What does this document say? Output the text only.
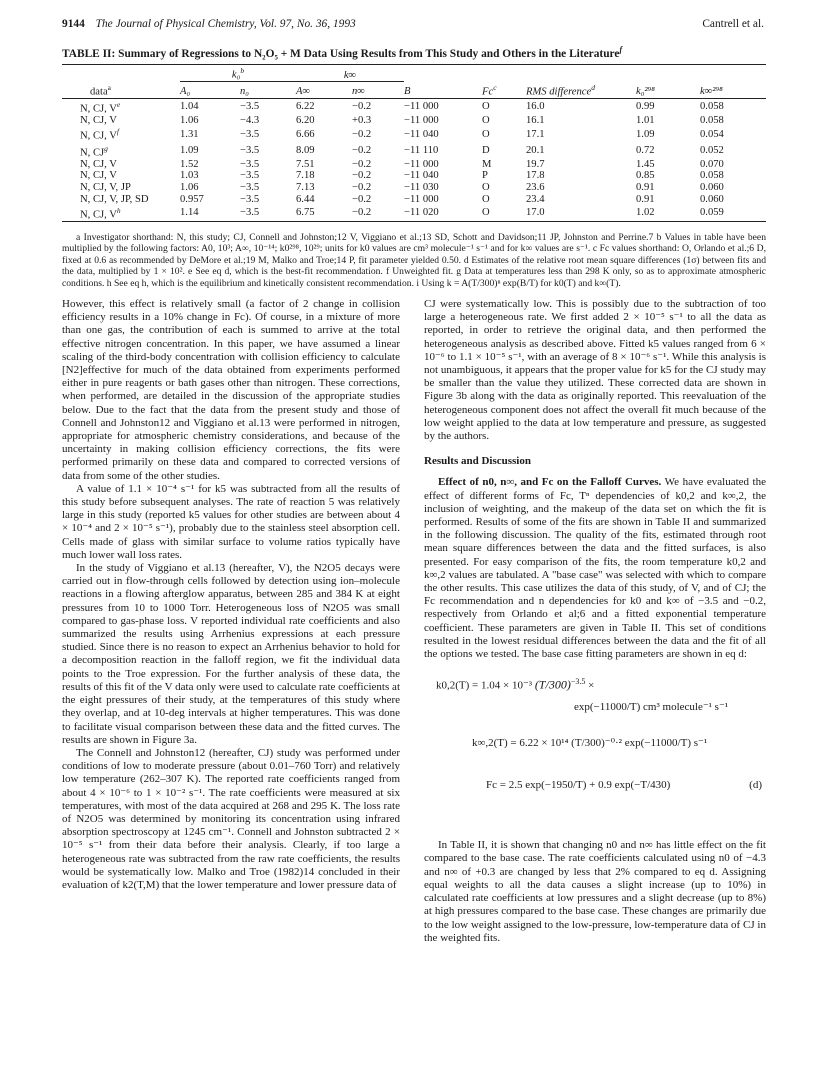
9144 The Journal of Physical Chemistry, Vol. 97, No. 36, 1993	Cantrell et al.
TABLE II: Summary of Regressions to N₂O₅ + M Data Using Results from This Study and Others in the Literature$^f$

	k₀$^b$		k∞						
data$^a$	A₀	n₀	A∞	n∞	B	Fc$^c$	RMS difference$^d$	k₀²⁹⁸	k∞²⁹⁸

N, CJ, Ve	1.04	−3.5	6.22	−0.2	−11 000	O	16.0	0.99	0.058
N, CJ, V	1.06	−4.3	6.20	+0.3	−11 000	O	16.1	1.01	0.058
N, CJ, $V^f$	1.31	−3.5	6.66	−0.2	−11 040	O	17.1	1.09	0.054
N, $CJ^g$	1.09	−3.5	8.09	−0.2	−11 110	D	20.1	0.72	0.052
N, CJ, V	1.52	−3.5	7.51	−0.2	−11 000	M	19.7	1.45	0.070
N, CJ, V	1.03	−3.5	7.18	−0.2	−11 040	P	17.8	0.85	0.058
N, CJ, V, JP	1.06	−3.5	7.13	−0.2	−11 030	O	23.6	0.91	0.060
N, CJ, V, JP, SD	0.957	−3.5	6.44	−0.2	−11 000	O	23.4	0.91	0.060
N, CJ, $V^h$	1.14	−3.5	6.75	−0.2	−11 020	O	17.0	1.02	0.059

a Investigator shorthand: N, this study; CJ, Connell and Johnston;12 V, Viggiano et al.;13 SD, Schott and Davidson;11 JP, Johnston and Perrine.7 b Values in table have been multiplied by the following factors: A0, 10³; A∞, 10⁻¹⁴; k0²⁹⁸, 10²⁹; units for k0 values are cm³ molecule⁻¹ s⁻¹ and for k∞ values are s⁻¹. c Fc values shorthand: O, Orlando et al.;6 D, fixed at 0.6 as recommended by DeMore et al.;19 M, Malko and Troe;14 P, fit parameter yielded 0.50. d Estimates of the relative root mean square differences (1σ) between fits and the data, multiplied by 1 × 10². e See eq d, which is the best-fit recommendation. f Unweighted fit. g Data at temperatures less than 298 K only, so as to approximate atmospheric conditions. h See eq h, which is the equilibrium and kinetically consistent recommendation. i Using k = A(T/300)ⁿ exp(B/T) for k0(T) and k∞(T).

However, this effect is relatively small (a factor of 2 change in collision efficiency results in a 10% change in Fc). Of course, in a mixture of more than one gas, the contribution of each is summed to arrive at the total effective nitrogen concentration. In this paper, we have assumed a linear scaling of the third-body concentration with collision efficiency to calculate [N2]effective for much of the data obtained from experiments performed either in pure reagents or bath gases other than nitrogen. These corrections, when performed, are detailed in the discussion of the appropriate studies below. Due to the fact that the data from the present study and those of Connell and Johnston12 and Viggiano et al.13 were performed in nitrogen, appropriate for atmospheric chemistry considerations, and because of the uncertainty in making collision efficiency corrections, the fits were performed primarily on these data and compared to corrected versions of data from some of the other studies.

A value of 1.1 × 10⁻⁴ s⁻¹ for k5 was subtracted from all the results of this study before subsequent analyses. The rate of reaction 5 was relatively large in this study (reported k5 values for other studies are between about 4 × 10⁻⁴ and 2 × 10⁻⁵ s⁻¹), probably due to the stainless steel absorption cell. Cells made of glass with similar surface to volume ratios typically have much lower wall loss rates.

In the study of Viggiano et al.13 (hereafter, V), the N2O5 decays were carried out in flow-through cells followed by detection using ion–molecule reactions in a flowing afterglow apparatus, between 285 and 384 K at eight pressures from 10 to 1000 Torr. Heterogeneous loss of N2O5 was small compared to gas-phase loss. V reported individual rate coefficients and also summarized the results using Arrhenius expressions at each pressure studied. Since there is no reason to expect an Arrhenius behavior to hold for a decomposition reaction in the falloff region, we fit the individual data points to the Troe expression. For the further analysis of these data, the results of this fit of the V data only were used to calculate rate coefficients at the eight pressures of their study, at the temperatures of this study where they overlap, and at 10-deg intervals at higher temperatures. This was done to facilitate visual comparison between these data and the fitted curves. The results are shown in Figure 3a.

The Connell and Johnston12 (hereafter, CJ) study was performed under conditions of low to moderate pressure (about 0.01–760 Torr) and relatively low temperature (262–307 K). The reported rate coefficients ranged from about 4 × 10⁻⁶ to 1 × 10⁻² s⁻¹. The rate coefficients were measured at six temperatures, with most of the data acquired at 268 and 295 K. The loss rate of N2O5 was determined by monitoring its concentration using infrared absorption spectroscopy at 1245 cm⁻¹. Connell and Johnston subtracted 2 × 10⁻⁵ s⁻¹ from their data before their analysis. Clearly, if too large a heterogeneous rate was subtracted from the raw rate coefficients, the results would be systematically low. Malko and Troe (1982)14 concluded in their evaluation of k2(T,M) that the lower temperature and lower pressure data of

CJ were systematically low. This is possibly due to the subtraction of too large a heterogeneous rate. We first added 2 × 10⁻⁵ s⁻¹ to all the data as reported, in order to retrieve the original data, and then performed the heterogeneous analysis as described above. Fitted k5 values ranged from 6 × 10⁻⁶ to 1.1 × 10⁻⁵ s⁻¹, with an average of 8 × 10⁻⁶ s⁻¹. While this analysis is not unambiguous, it appears that the proper value for k5 for the CJ study may be smaller than the value they utilized. These corrected data are shown in Figure 3b along with the data as originally reported. This reevaluation of the heterogeneous component does not affect the overall fit much because of the low weight applied to the data at low temperature and pressure, as suggested by the authors.

Results and Discussion

Effect of n0, n∞, and Fc on the Falloff Curves. We have evaluated the effect of different forms of Fc, Tⁿ dependencies of k0,2 and k∞,2, the inclusion of weighting, and the makeup of the data set on which the fit is performed. Results of some of the fits are shown in Table II and summarized in the following discussion. The quality of the fits, estimated through root mean square differences between the data and the fitted surfaces, is also presented. For easy comparison of the fits, the room temperature k0,2 and k∞,2 values are tabulated. A "base case" was selected with which to compare the other results. This case utilizes the data of this study, of V, and of CJ; the Fc recommendation and n dependencies for k0 and k∞ of −3.5 and −0.2, respectively from Orlando et al;6 and a fitted exponential temperature coefficient. These parameters are given in Table II. This set of conditions resulted in the lowest residual differences between the data and the fit of all the options we tested. The base case fitting parameters are shown in eq d:

k0,2(T) = 1.04 × 10⁻³ $(T/300)^{-3.5}$ ×
exp(−11000/T) cm³ molecule⁻¹ s⁻¹
k∞,2(T) = 6.22 × 10¹⁴ (T/300)⁻⁰·² exp(−11000/T) s⁻¹
Fc = 2.5 exp(−1950/T) + 0.9 exp(−T/430)	(d)

In Table II, it is shown that changing n0 and n∞ has little effect on the fit compared to the base case. The rate coefficients calculated using n0 of −4.3 and n∞ of +0.3 are changed by less that 2% compared to eq d. Assigning equal weights to all the data causes a slight increase (up to 10%) in calculated rate coefficients at low pressures and a slight decrease (up to 8%) at high pressures compared to the base case. These changes are primarily due to the low weight assigned to the low-pressure, low-temperature data of CJ in the weighted fits.
